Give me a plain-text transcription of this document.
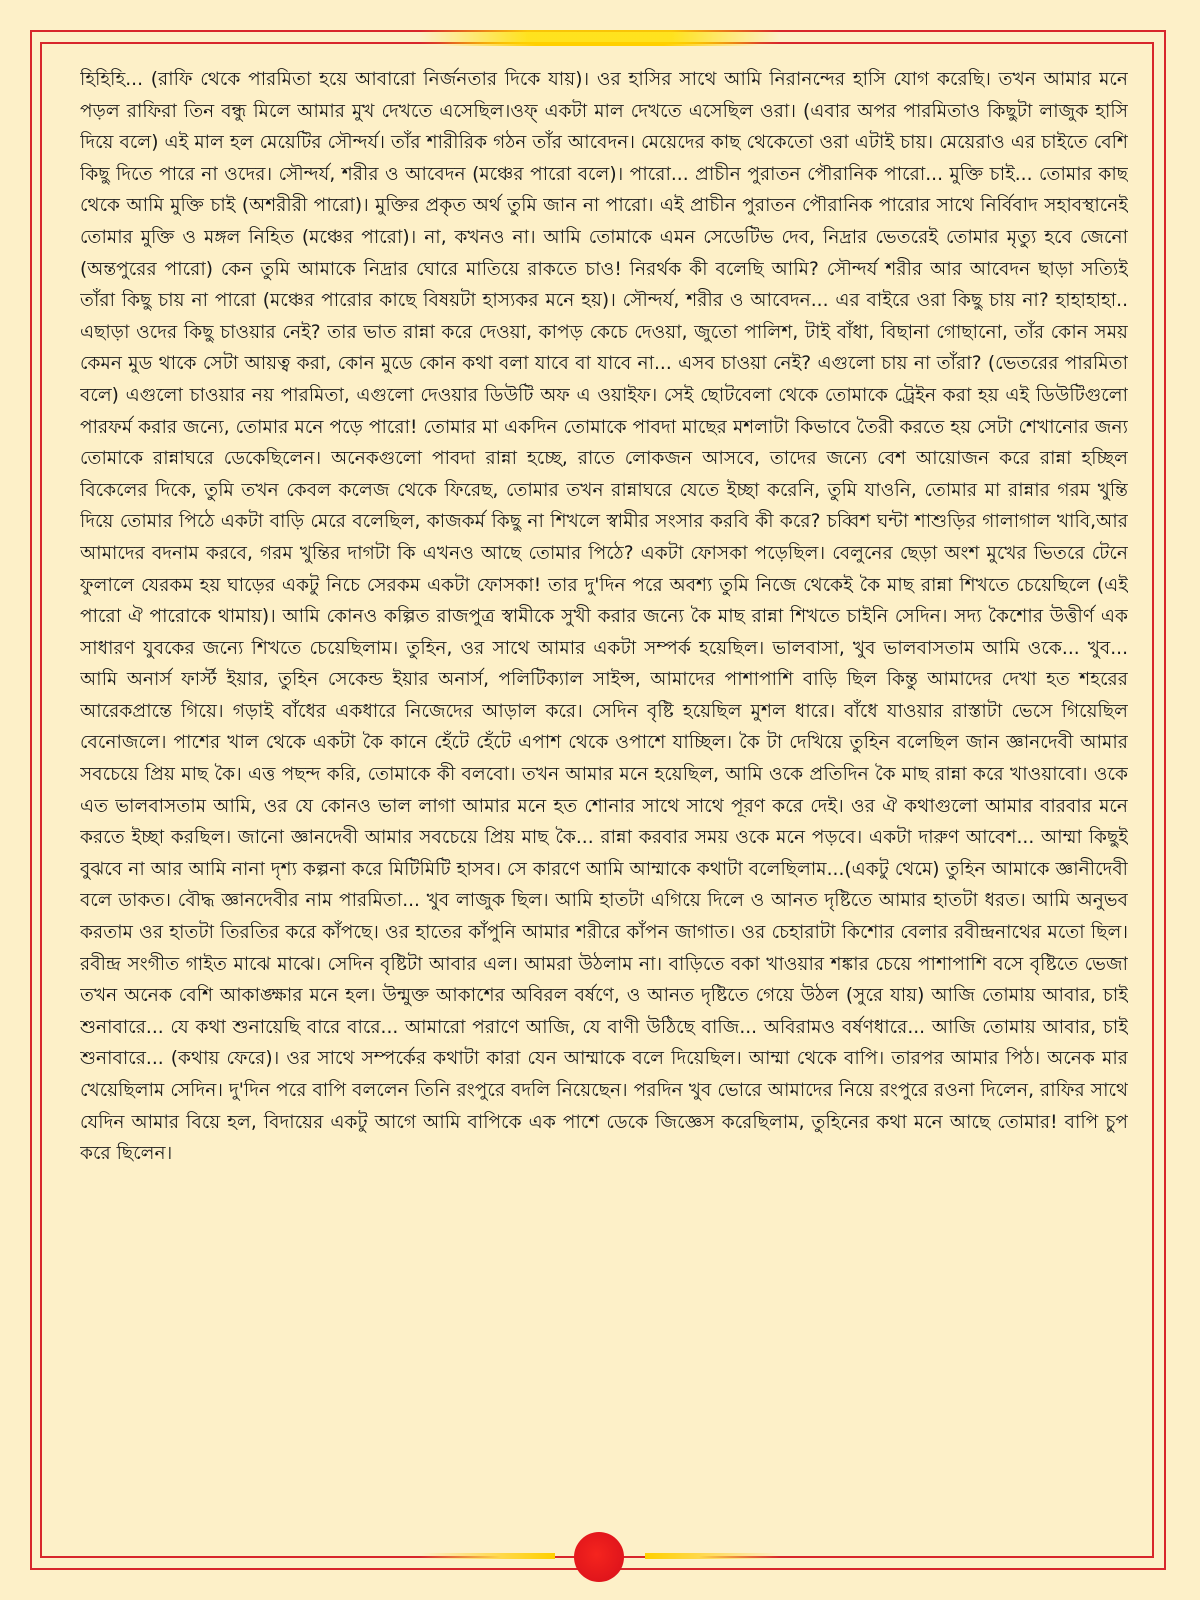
হিহিহি... (রাফি থেকে পারমিতা হয়ে আবারো নির্জনতার দিকে যায়)। ওর হাসির সাথে আমি নিরানন্দের হাসি যোগ করেছি। তখন আমার মনে পড়ল রাফিরা তিন বন্ধু মিলে আমার মুখ দেখতে এসেছিল।ওফ্ একটা মাল দেখতে এসেছিল ওরা। (এবার অপর পারমিতাও কিছুটা লাজুক হাসি দিয়ে বলে) এই মাল হল মেয়েটির সৌন্দর্য। তাঁর শারীরিক গঠন তাঁর আবেদন। মেয়েদের কাছ থেকেতো ওরা এটাই চায়। মেয়েরাও এর চাইতে বেশি কিছু দিতে পারে না ওদের। সৌন্দর্য, শরীর ও আবেদন (মঞ্চের পারো বলে)। পারো... প্রাচীন পুরাতন পৌরানিক পারো... মুক্তি চাই... তোমার কাছ থেকে আমি মুক্তি চাই (অশরীরী পারো)। মুক্তির প্রকৃত অর্থ তুমি জান না পারো। এই প্রাচীন পুরাতন পৌরানিক পারোর সাথে নির্বিবাদ সহাবস্থানেই তোমার মুক্তি ও মঙ্গল নিহিত (মঞ্চের পারো)। না, কখনও না। আমি তোমাকে এমন সেডেটিভ দেব, নিদ্রার ভেতরেই তোমার মৃত্যু হবে জেনো (অন্তপুরের পারো) কেন তুমি আমাকে নিদ্রার ঘোরে মাতিয়ে রাকতে চাও! নিরর্থক কী বলেছি আমি? সৌন্দর্য শরীর আর আবেদন ছাড়া সত্যিই তাঁরা কিছু চায় না পারো (মঞ্চের পারোর কাছে বিষয়টা হাস্যকর মনে হয়)। সৌন্দর্য, শরীর ও আবেদন... এর বাইরে ওরা কিছু চায় না? হাহাহাহা.. এছাড়া ওদের কিছু চাওয়ার নেই? তার ভাত রান্না করে দেওয়া, কাপড় কেচে দেওয়া, জুতো পালিশ, টাই বাঁধা, বিছানা গোছানো, তাঁর কোন সময় কেমন মুড থাকে সেটা আয়ত্ব করা, কোন মুডে কোন কথা বলা যাবে বা যাবে না... এসব চাওয়া নেই? এগুলো চায় না তাঁরা? (ভেতরের পারমিতা বলে) এগুলো চাওয়ার নয় পারমিতা, এগুলো দেওয়ার ডিউটি অফ এ ওয়াইফ। সেই ছোটবেলা থেকে তোমাকে ট্রেইন করা হয় এই ডিউটিগুলো পারফর্ম করার জন্যে, তোমার মনে পড়ে পারো! তোমার মা একদিন তোমাকে পাবদা মাছের মশলাটা কিভাবে তৈরী করতে হয় সেটা শেখানোর জন্য তোমাকে রান্নাঘরে ডেকেছিলেন। অনেকগুলো পাবদা রান্না হচ্ছে, রাতে লোকজন আসবে, তাদের জন্যে বেশ আয়োজন করে রান্না হচ্ছিল বিকেলের দিকে, তুমি তখন কেবল কলেজ থেকে ফিরেছ, তোমার তখন রান্নাঘরে যেতে ইচ্ছা করেনি, তুমি যাওনি, তোমার মা রান্নার গরম খুন্তি দিয়ে তোমার পিঠে একটা বাড়ি মেরে বলেছিল, কাজকর্ম কিছু না শিখলে স্বামীর সংসার করবি কী করে? চব্বিশ ঘন্টা শাশুড়ির গালাগাল খাবি,আর আমাদের বদনাম করবে, গরম খুন্তির দাগটা কি এখনও আছে তোমার পিঠে? একটা ফোসকা পড়েছিল। বেলুনের ছেড়া অংশ মুখের ভিতরে টেনে ফুলালে যেরকম হয় ঘাড়ের একটু নিচে সেরকম একটা ফোসকা! তার দু'দিন পরে অবশ্য তুমি নিজে থেকেই কৈ মাছ রান্না শিখতে চেয়েছিলে (এই পারো ঐ পারোকে থামায়)। আমি কোনও কল্পিত রাজপুত্র স্বামীকে সুখী করার জন্যে কৈ মাছ রান্না শিখতে চাইনি সেদিন। সদ্য কৈশোর উত্তীর্ণ এক সাধারণ যুবকের জন্যে শিখতে চেয়েছিলাম। তুহিন, ওর সাথে আমার একটা সম্পর্ক হয়েছিল। ভালবাসা, খুব ভালবাসতাম আমি ওকে... খুব... আমি অনার্স ফার্স্ট ইয়ার, তুহিন সেকেন্ড ইয়ার অনার্স, পলিটিক্যাল সাইন্স, আমাদের পাশাপাশি বাড়ি ছিল কিন্তু আমাদের দেখা হত শহরের আরেকপ্রান্তে গিয়ে। গড়াই বাঁধের একধারে নিজেদের আড়াল করে। সেদিন বৃষ্টি হয়েছিল মুশল ধারে। বাঁধে যাওয়ার রাস্তাটা ভেসে গিয়েছিল বেনোজলে। পাশের খাল থেকে একটা কৈ কানে হেঁটে হেঁটে এপাশ থেকে ওপাশে যাচ্ছিল। কৈ টা দেখিয়ে তুহিন বলেছিল জান জ্ঞানদেবী আমার সবচেয়ে প্রিয় মাছ কৈ। এত্ত পছন্দ করি, তোমাকে কী বলবো। তখন আমার মনে হয়েছিল, আমি ওকে প্রতিদিন কৈ মাছ রান্না করে খাওয়াবো। ওকে এত ভালবাসতাম আমি, ওর যে কোনও ভাল লাগা আমার মনে হত শোনার সাথে সাথে পূরণ করে দেই। ওর ঐ কথাগুলো আমার বারবার মনে করতে ইচ্ছা করছিল। জানো জ্ঞানদেবী আমার সবচেয়ে প্রিয় মাছ কৈ... রান্না করবার সময় ওকে মনে পড়বে। একটা দারুণ আবেশ... আম্মা কিছুই বুঝবে না আর আমি নানা দৃশ্য কল্পনা করে মিটিমিটি হাসব। সে কারণে আমি আম্মাকে কথাটা বলেছিলাম...(একটু থেমে) তুহিন আমাকে জ্ঞানীদেবী বলে ডাকত। বৌদ্ধ জ্ঞানদেবীর নাম পারমিতা... খুব লাজুক ছিল। আমি হাতটা এগিয়ে দিলে ও আনত দৃষ্টিতে আমার হাতটা ধরত। আমি অনুভব করতাম ওর হাতটা তিরতির করে কাঁপছে। ওর হাতের কাঁপুনি আমার শরীরে কাঁপন জাগাত। ওর চেহারাটা কিশোর বেলার রবীন্দ্রনাথের মতো ছিল। রবীন্দ্র সংগীত গাইত মাঝে মাঝে। সেদিন বৃষ্টিটা আবার এল। আমরা উঠলাম না। বাড়িতে বকা খাওয়ার শঙ্কার চেয়ে পাশাপাশি বসে বৃষ্টিতে ভেজা তখন অনেক বেশি আকাঙ্ক্ষার মনে হল। উন্মুক্ত আকাশের অবিরল বর্ষণে, ও আনত দৃষ্টিতে গেয়ে উঠল (সুরে যায়) আজি তোমায় আবার, চাই শুনাবারে... যে কথা শুনায়েছি বারে বারে... আমারো পরাণে আজি, যে বাণী উঠিছে বাজি... অবিরামও বর্ষণধারে... আজি তোমায় আবার, চাই শুনাবারে... (কথায় ফেরে)। ওর সাথে সম্পর্কের কথাটা কারা যেন আম্মাকে বলে দিয়েছিল। আম্মা থেকে বাপি। তারপর আমার পিঠ। অনেক মার খেয়েছিলাম সেদিন। দু'দিন পরে বাপি বললেন তিনি রংপুরে বদলি নিয়েছেন। পরদিন খুব ভোরে আমাদের নিয়ে রংপুরে রওনা দিলেন, রাফির সাথে যেদিন আমার বিয়ে হল, বিদায়ের একটু আগে আমি বাপিকে এক পাশে ডেকে জিজ্ঞেস করেছিলাম, তুহিনের কথা মনে আছে তোমার! বাপি চুপ করে ছিলেন।
